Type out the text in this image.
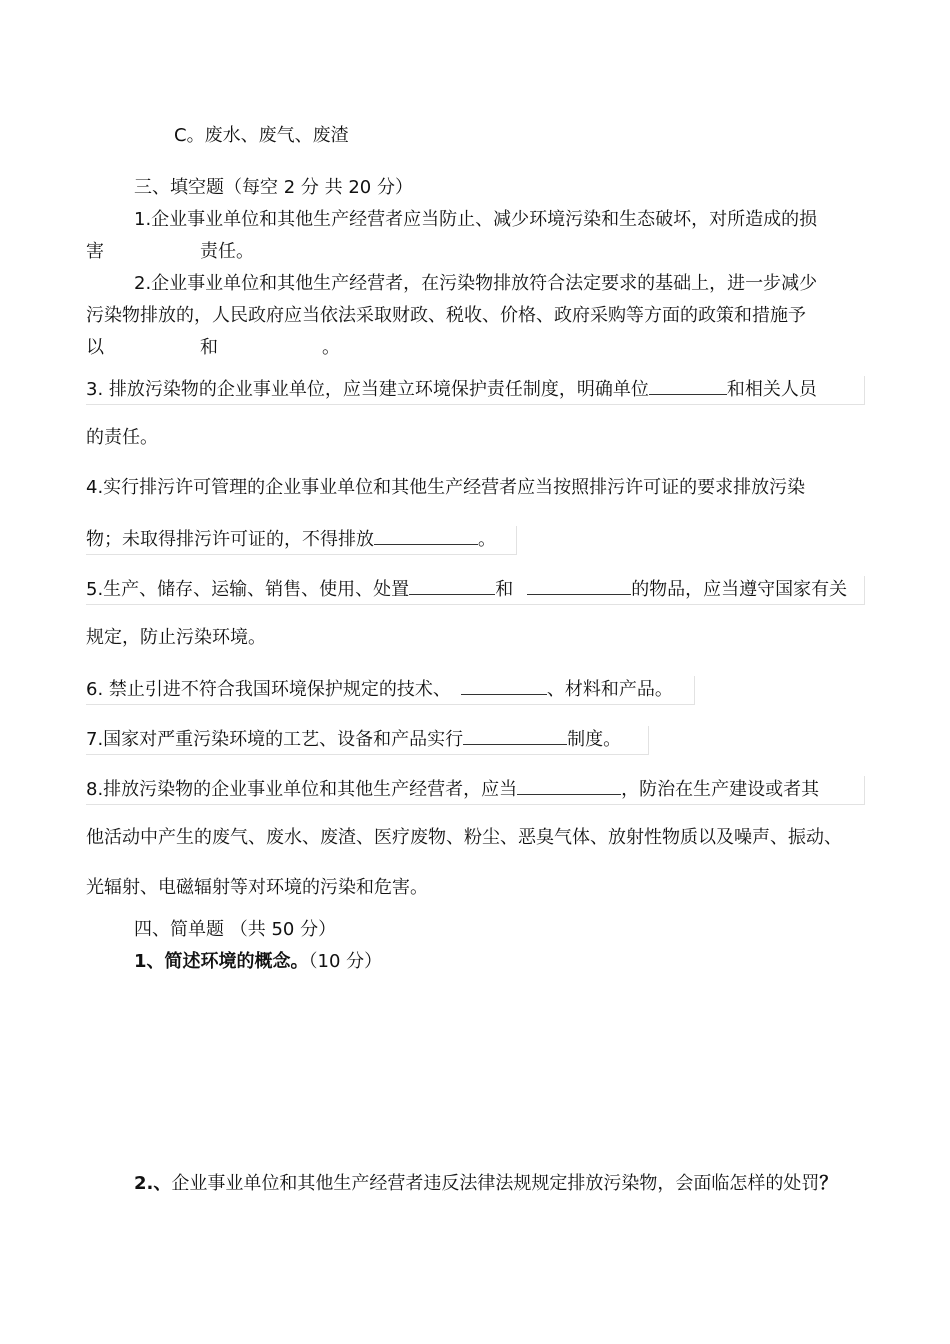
C。废水、废气、废渣
三、填空题（每空 2 分 共 20 分）
1.企业事业单位和其他生产经营者应当防止、减少环境污染和生态破坏，对所造成的损
害	责任。
2.企业事业单位和其他生产经营者，在污染物排放符合法定要求的基础上，进一步减少
污染物排放的，人民政府应当依法采取财政、税收、价格、政府采购等方面的政策和措施予
以	和	。
3. 排放污染物的企业事业单位，应当建立环境保护责任制度，明确单位	和相关人员
的责任。
4.实行排污许可管理的企业事业单位和其他生产经营者应当按照排污许可证的要求排放污染
物；未取得排污许可证的，不得排放	。
5.生产、储存、运输、销售、使用、处置	和	的物品，应当遵守国家有关
规定，防止污染环境。
6. 禁止引进不符合我国环境保护规定的技术、	、材料和产品。
7.国家对严重污染环境的工艺、设备和产品实行	制度。
8.排放污染物的企业事业单位和其他生产经营者，应当	，防治在生产建设或者其
他活动中产生的废气、废水、废渣、医疗废物、粉尘、恶臭气体、放射性物质以及噪声、振动、
光辐射、电磁辐射等对环境的污染和危害。
四、简单题 （共 50 分）
1、简述环境的概念。（10 分）
2.、企业事业单位和其他生产经营者违反法律法规规定排放污染物，会面临怎样的处罚？
